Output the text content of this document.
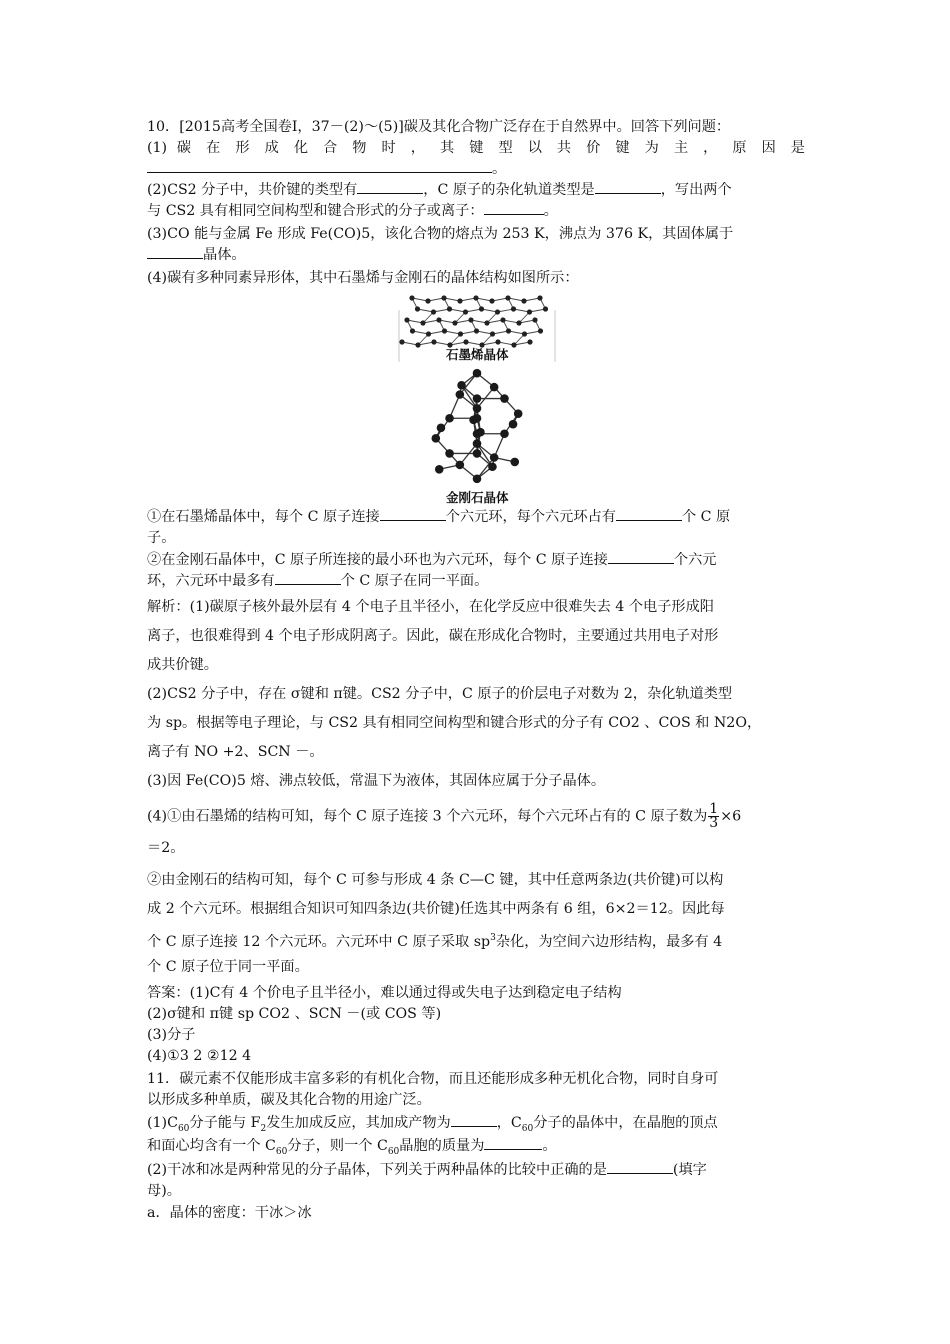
10．[2015高考全国卷Ⅰ，37－(2)～(5)]碳及其化合物广泛存在于自然界中。回答下列问题：
(1) 碳 在 形 成 化 合 物 时 ， 其 键 型 以 共 价 键 为 主 ， 原 因 是
。
(2)CS2 分子中，共价键的类型有	，C 原子的杂化轨道类型是	，写出两个
与 CS2 具有相同空间构型和键合形式的分子或离子：	。
(3)CO 能与金属 Fe 形成 Fe(CO)5，该化合物的熔点为 253 K，沸点为 376 K，其固体属于
晶体。
(4)碳有多种同素异形体，其中石墨烯与金刚石的晶体结构如图所示：
石墨烯晶体
金刚石晶体
①在石墨烯晶体中，每个 C 原子连接	个六元环，每个六元环占有	个 C 原
子。
②在金刚石晶体中，C 原子所连接的最小环也为六元环，每个 C 原子连接	个六元
环，六元环中最多有	个 C 原子在同一平面。
解析：(1)碳原子核外最外层有 4 个电子且半径小，在化学反应中很难失去 4 个电子形成阳
离子，也很难得到 4 个电子形成阴离子。因此，碳在形成化合物时，主要通过共用电子对形
成共价键。
(2)CS2 分子中，存在 σ键和 π键。CS2 分子中，C 原子的价层电子对数为 2，杂化轨道类型
为 sp。根据等电子理论，与 CS2 具有相同空间构型和键合形式的分子有 CO2 、COS 和 N2O，
离子有 NO +2、SCN －。
(3)因 Fe(CO)5 熔、沸点较低，常温下为液体，其固体应属于分子晶体。
(4)①由石墨烯的结构可知，每个 C 原子连接 3 个六元环，每个六元环占有的 C 原子数为 $\frac{1}{3} \times 6$
＝2。
②由金刚石的结构可知，每个 C 可参与形成 4 条 C—C 键，其中任意两条边(共价键)可以构
成 2 个六元环。根据组合知识可知四条边(共价键)任选其中两条有 6 组，6×2＝12。因此每
个 C 原子连接 12 个六元环。六元环中 C 原子采取 $sp^3$杂化，为空间六边形结构，最多有 4
个 C 原子位于同一平面。
答案：(1)C有 4 个价电子且半径小，难以通过得或失电子达到稳定电子结构
(2)σ键和 π键 sp CO2 、SCN －(或 COS 等)
(3)分子
(4)①3 2 ②12 4
11．碳元素不仅能形成丰富多彩的有机化合物，而且还能形成多种无机化合物，同时自身可
以形成多种单质，碳及其化合物的用途广泛。
$(1)C_{60}$分子能与 $F_2$发生加成反应，其加成产物为	，$C_{60}$分子的晶体中，在晶胞的顶点
和面心均含有一个 $C_{60}$分子，则一个 $C_{60}$晶胞的质量为	。
(2)干冰和冰是两种常见的分子晶体，下列关于两种晶体的比较中正确的是	(填字
母)。
a．晶体的密度：干冰＞冰
